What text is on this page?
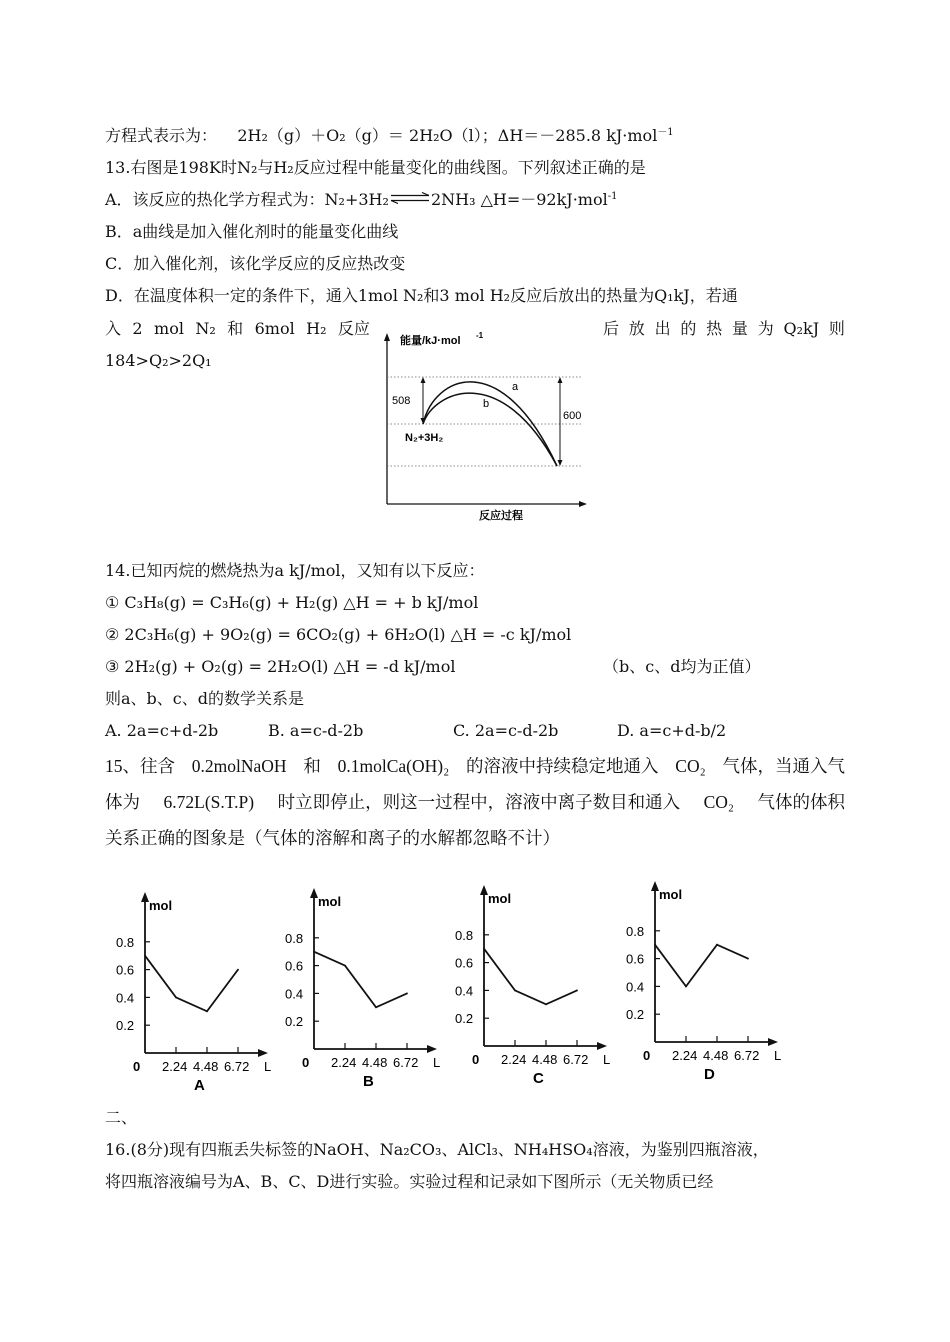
方程式表示为： 2H₂（g）＋O₂（g）＝ 2H₂O（l）；ΔH＝－285.8 kJ·mol$^{-1}$
13.右图是198K时N₂与H₂反应过程中能量变化的曲线图。下列叙述正确的是
A．该反应的热化学方程式为：N₂+3H₂⇌2NH₃ △H=－92kJ·mol$^{-1}$
B．a曲线是加入催化剂时的能量变化曲线
C．加入催化剂，该化学反应的反应热改变
D．在温度体积一定的条件下，通入1mol N₂和3 mol H₂反应后放出的热量为Q₁kJ，若通
入 2 mol N₂ 和 6mol H₂ 反应	后 放 出 的 热 量 为 Q₂kJ 则
184>Q₂>2Q₁
能量/kJ·mol -1
508
600
a
b
N₂+3H₂
反应过程
14.已知丙烷的燃烧热为a kJ/mol，又知有以下反应：
① C₃H₈(g) = C₃H₆(g) + H₂(g) △H = + b kJ/mol
② 2C₃H₆(g) + 9O₂(g) = 6CO₂(g) + 6H₂O(l) △H = -c kJ/mol
③ 2H₂(g) + O₂(g) = 2H₂O(l) △H = -d kJ/mol	（b、c、d均为正值）
则a、b、c、d的数学关系是
A. 2a=c+d-2b	B. a=c-d-2b	C. 2a=c-d-2b	D. a=c+d-b/2
15、往含 0.2molNaOH 和 0.1molCa(OH)₂ 的溶液中持续稳定地通入 CO₂ 气体，当通入气
体为 6.72L(S.T.P) 时立即停止，则这一过程中，溶液中离子数目和通入 CO₂ 气体的体积
关系正确的图象是（气体的溶解和离子的水解都忽略不计）
mol
0.2
0.4
0.6
0.8
0 2.24 4.48 6.72 L
A
mol
0.2
0.4
0.6
0.8
0 2.24 4.48 6.72 L
B
mol
0.2
0.4
0.6
0.8
0 2.24 4.48 6.72 L
C
mol
0.2
0.4
0.6
0.8
0 2.24 4.48 6.72 L
D
二、
16.(8分)现有四瓶丢失标签的NaOH、Na₂CO₃、AlCl₃、NH₄HSO₄溶液，为鉴别四瓶溶液，
将四瓶溶液编号为A、B、C、D进行实验。实验过程和记录如下图所示（无关物质已经
